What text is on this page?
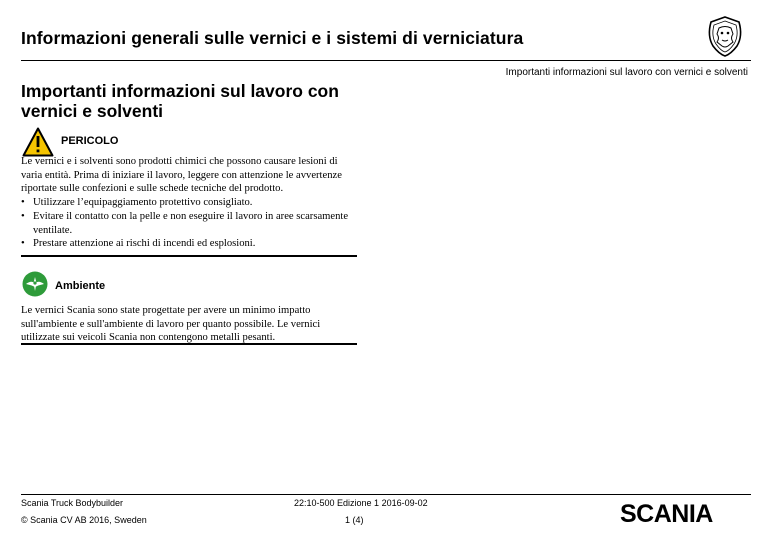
Informazioni generali sulle vernici e i sistemi di verniciatura
Importanti informazioni sul lavoro con vernici e solventi
Importanti informazioni sul lavoro con vernici e solventi
PERICOLO
Le vernici e i solventi sono prodotti chimici che possono causare lesioni di varia entità. Prima di iniziare il lavoro, leggere con attenzione le avvertenze riportate sulle confezioni e sulle schede tecniche del prodotto.
• Utilizzare l’equipaggiamento protettivo consigliato.
• Evitare il contatto con la pelle e non eseguire il lavoro in aree scarsamente ventilate.
• Prestare attenzione ai rischi di incendi ed esplosioni.
Ambiente
Le vernici Scania sono state progettate per avere un minimo impatto sull'ambiente e sull'ambiente di lavoro per quanto possibile. Le vernici utilizzate sui veicoli Scania non contengono metalli pesanti.
Scania Truck Bodybuilder
© Scania CV AB 2016, Sweden
22:10-500 Edizione 1 2016-09-02
1 (4)	SCANIA
